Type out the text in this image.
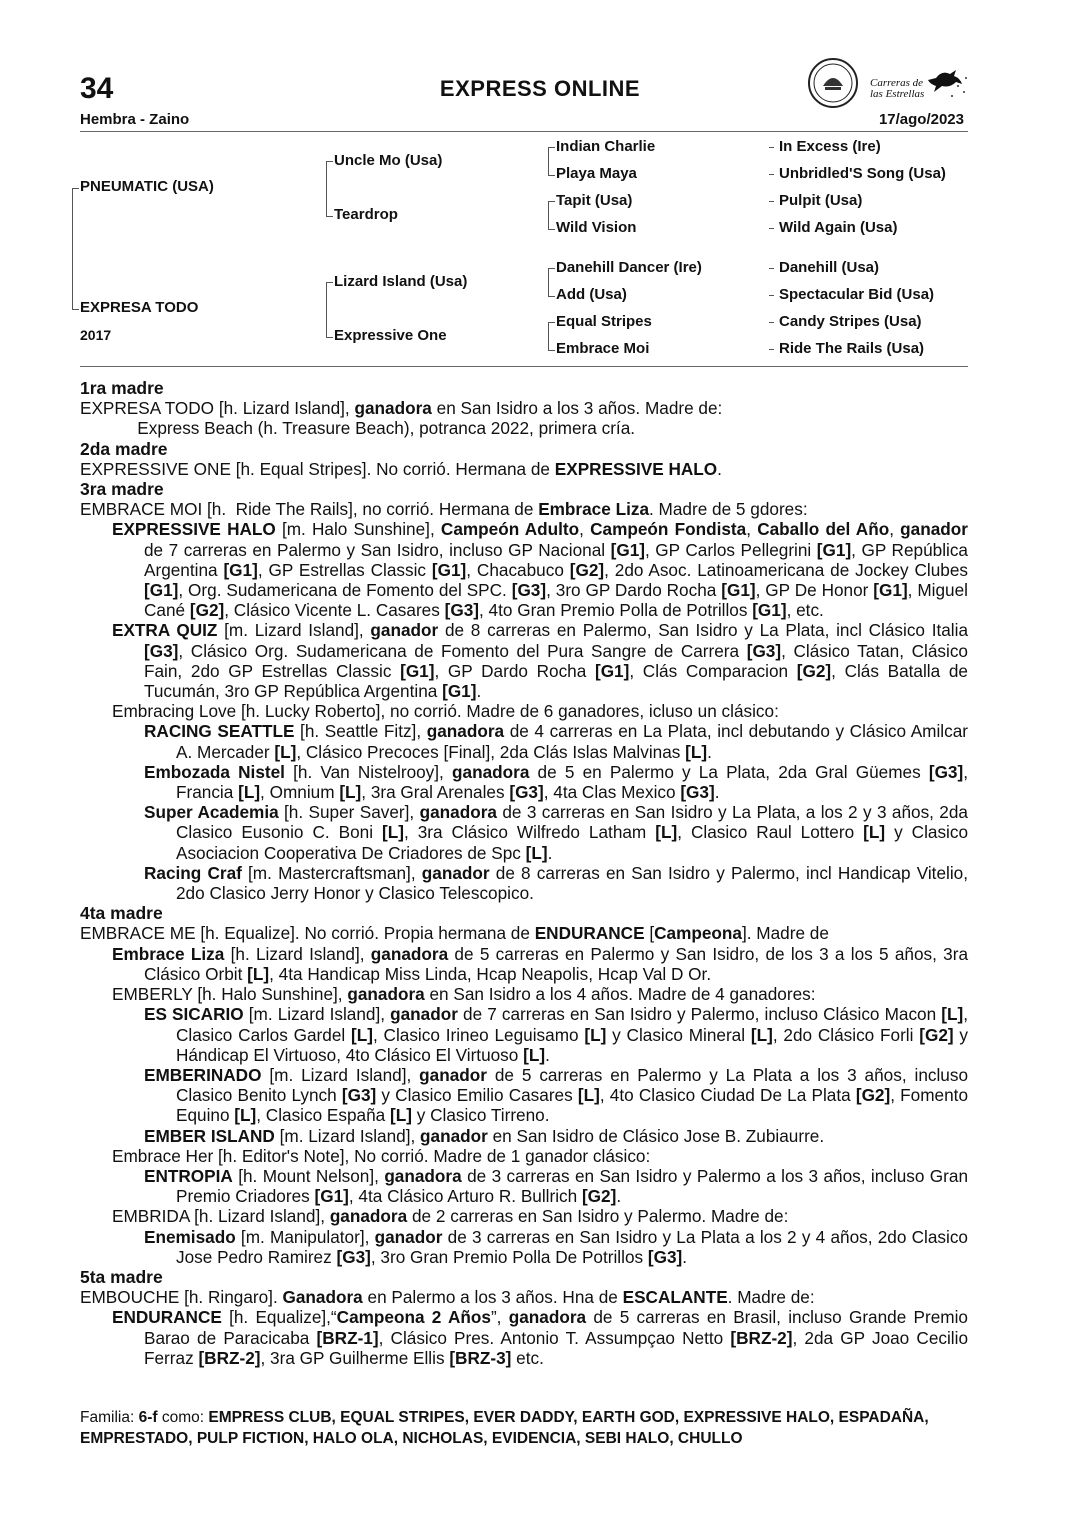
34	EXPRESS ONLINE
Hembra - Zaino	17/ago/2023
Carreras de las Estrellas
PNEUMATIC (USA)
EXPRESA TODO
2017
Uncle Mo (Usa)
Teardrop
Lizard Island (Usa)
Expressive One
Indian Charlie
Playa Maya
Tapit (Usa)
Wild Vision
Danehill Dancer (Ire)
Add (Usa)
Equal Stripes
Embrace Moi
In Excess (Ire)
Unbridled'S Song (Usa)
Pulpit (Usa)
Wild Again (Usa)
Danehill (Usa)
Spectacular Bid (Usa)
Candy Stripes (Usa)
Ride The Rails (Usa)

1ra madre

EXPRESA TODO [h. Lizard Island], ganadora en San Isidro a los 3 años. Madre de:

Express Beach (h. Treasure Beach), potranca 2022, primera cría.

2da madre

EXPRESSIVE ONE [h. Equal Stripes]. No corrió. Hermana de EXPRESSIVE HALO.

3ra madre

EMBRACE MOI [h.  Ride The Rails], no corrió. Hermana de Embrace Liza. Madre de 5 gdores:

EXPRESSIVE HALO [m. Halo Sunshine], Campeón Adulto, Campeón Fondista, Caballo del Año, ganador de 7 carreras en Palermo y San Isidro, incluso GP Nacional [G1], GP Carlos Pellegrini [G1], GP República Argentina [G1], GP Estrellas Classic [G1], Chacabuco [G2], 2do Asoc. Latinoamericana de Jockey Clubes [G1], Org. Sudamericana de Fomento del SPC. [G3], 3ro GP Dardo Rocha [G1], GP De Honor [G1], Miguel Cané [G2], Clásico Vicente L. Casares [G3], 4to Gran Premio Polla de Potrillos [G1], etc.

EXTRA QUIZ [m. Lizard Island], ganador de 8 carreras en Palermo, San Isidro y La Plata, incl Clásico Italia [G3], Clásico Org. Sudamericana de Fomento del Pura Sangre de Carrera [G3], Clásico Tatan, Clásico Fain, 2do GP Estrellas Classic [G1], GP Dardo Rocha [G1], Clás Comparacion [G2], Clás Batalla de Tucumán, 3ro GP República Argentina [G1].

Embracing Love [h. Lucky Roberto], no corrió. Madre de 6 ganadores, icluso un clásico:

RACING SEATTLE [h. Seattle Fitz], ganadora de 4 carreras en La Plata, incl debutando y Clásico Amilcar A. Mercader [L], Clásico Precoces [Final], 2da Clás Islas Malvinas [L].

Embozada Nistel [h. Van Nistelrooy], ganadora de 5 en Palermo y La Plata, 2da Gral Güemes [G3], Francia [L], Omnium [L], 3ra Gral Arenales [G3], 4ta Clas Mexico [G3].

Super Academia [h. Super Saver], ganadora de 3 carreras en San Isidro y La Plata, a los 2 y 3 años, 2da Clasico Eusonio C. Boni [L], 3ra Clásico Wilfredo Latham [L], Clasico Raul Lottero [L] y Clasico Asociacion Cooperativa De Criadores de Spc [L].

Racing Craf [m. Mastercraftsman], ganador de 8 carreras en San Isidro y Palermo, incl Handicap Vitelio, 2do Clasico Jerry Honor y Clasico Telescopico.

4ta madre

EMBRACE ME [h. Equalize]. No corrió. Propia hermana de ENDURANCE [Campeona]. Madre de

Embrace Liza [h. Lizard Island], ganadora de 5 carreras en Palermo y San Isidro, de los 3 a los 5 años, 3ra Clásico Orbit [L], 4ta Handicap Miss Linda, Hcap Neapolis, Hcap Val D Or.

EMBERLY [h. Halo Sunshine], ganadora en San Isidro a los 4 años. Madre de 4 ganadores:

ES SICARIO [m. Lizard Island], ganador de 7 carreras en San Isidro y Palermo, incluso Clásico Macon [L], Clasico Carlos Gardel [L], Clasico Irineo Leguisamo [L] y Clasico Mineral [L], 2do Clásico Forli [G2] y Hándicap El Virtuoso, 4to Clásico El Virtuoso [L].

EMBERINADO [m. Lizard Island], ganador de 5 carreras en Palermo y La Plata a los 3 años, incluso Clasico Benito Lynch [G3] y Clasico Emilio Casares [L], 4to Clasico Ciudad De La Plata [G2], Fomento Equino [L], Clasico España [L] y Clasico Tirreno.

EMBER ISLAND [m. Lizard Island], ganador en San Isidro de Clásico Jose B. Zubiaurre.

Embrace Her [h. Editor's Note], No corrió. Madre de 1 ganador clásico:

ENTROPIA [h. Mount Nelson], ganadora de 3 carreras en San Isidro y Palermo a los 3 años, incluso Gran Premio Criadores [G1], 4ta Clásico Arturo R. Bullrich [G2].

EMBRIDA [h. Lizard Island], ganadora de 2 carreras en San Isidro y Palermo. Madre de:

Enemisado [m. Manipulator], ganador de 3 carreras en San Isidro y La Plata a los 2 y 4 años, 2do Clasico Jose Pedro Ramirez [G3], 3ro Gran Premio Polla De Potrillos [G3].

5ta madre

EMBOUCHE [h. Ringaro]. Ganadora en Palermo a los 3 años. Hna de ESCALANTE. Madre de:

ENDURANCE [h. Equalize],“Campeona 2 Años”, ganadora de 5 carreras en Brasil, incluso Grande Premio Barao de Paracicaba [BRZ-1], Clásico Pres. Antonio T. Assumpçao Netto [BRZ-2], 2da GP Joao Cecilio Ferraz [BRZ-2], 3ra GP Guilherme Ellis [BRZ-3] etc.

Familia: 6-f como: EMPRESS CLUB, EQUAL STRIPES, EVER DADDY, EARTH GOD, EXPRESSIVE HALO, ESPADAÑA, EMPRESTADO, PULP FICTION, HALO OLA, NICHOLAS, EVIDENCIA, SEBI HALO, CHULLO
